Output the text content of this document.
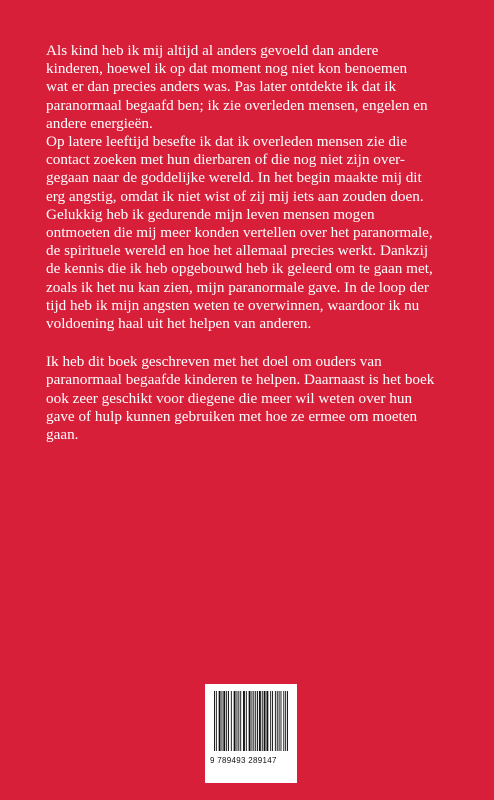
Als kind heb ik mij altijd al anders gevoeld dan andere
kinderen, hoewel ik op dat moment nog niet kon benoemen
wat er dan precies anders was. Pas later ontdekte ik dat ik
paranormaal begaafd ben; ik zie overleden mensen, engelen en
andere energieën.

Op latere leeftijd besefte ik dat ik overleden mensen zie die
contact zoeken met hun dierbaren of die nog niet zijn over-
gegaan naar de goddelijke wereld. In het begin maakte mij dit
erg angstig, omdat ik niet wist of zij mij iets aan zouden doen.
Gelukkig heb ik gedurende mijn leven mensen mogen
ontmoeten die mij meer konden vertellen over het paranormale,
de spirituele wereld en hoe het allemaal precies werkt. Dankzij
de kennis die ik heb opgebouwd heb ik geleerd om te gaan met,
zoals ik het nu kan zien, mijn paranormale gave. In de loop der
tijd heb ik mijn angsten weten te overwinnen, waardoor ik nu
voldoening haal uit het helpen van anderen.

Ik heb dit boek geschreven met het doel om ouders van
paranormaal begaafde kinderen te helpen. Daarnaast is het boek
ook zeer geschikt voor diegene die meer wil weten over hun
gave of hulp kunnen gebruiken met hoe ze ermee om moeten
gaan.

9 789493 289147
